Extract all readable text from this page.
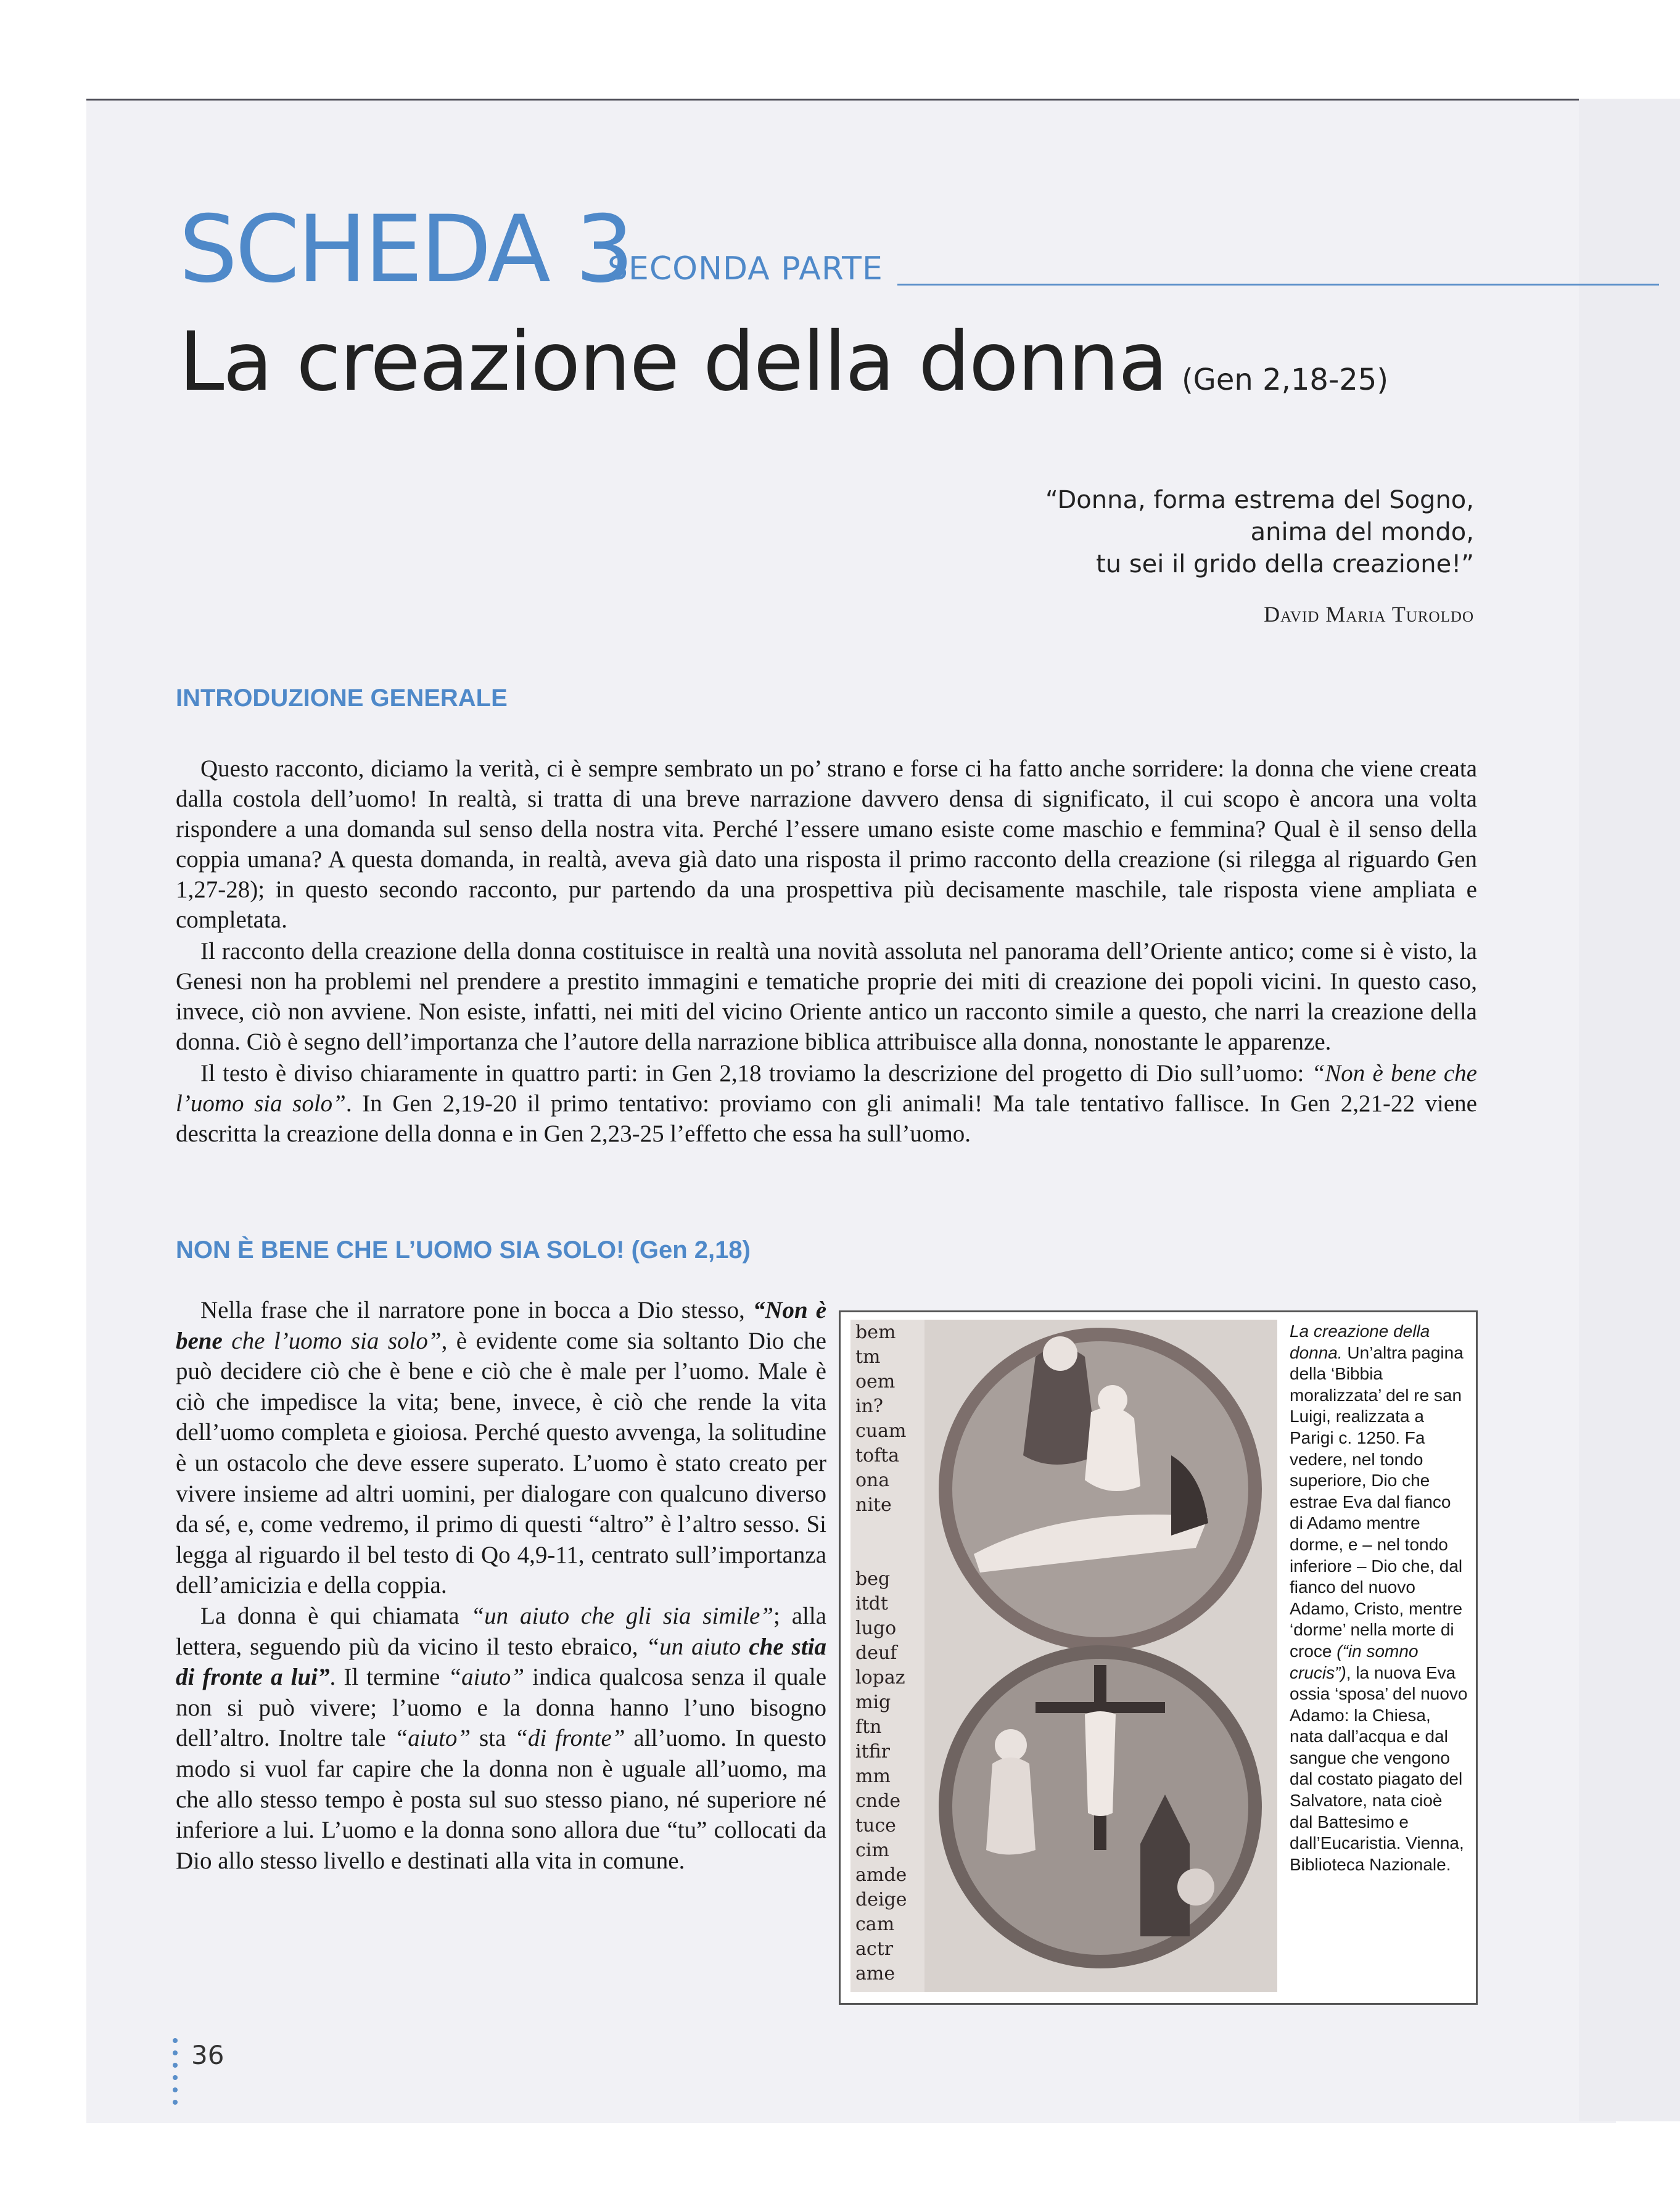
SCHEDA 3
SECONDA PARTE
La creazione della donna (Gen 2,18-25)
“Donna, forma estrema del Sogno,
anima del mondo,
tu sei il grido della creazione!”
David Maria Turoldo
INTRODUZIONE GENERALE

Questo racconto, diciamo la verità, ci è sempre sembrato un po’ strano e forse ci ha fatto anche sorridere: la donna che viene creata dalla costola dell’uomo! In realtà, si tratta di una breve narrazione davvero densa di significato, il cui scopo è ancora una volta rispondere a una domanda sul senso della nostra vita. Perché l’essere umano esiste come maschio e femmina? Qual è il senso della coppia umana? A questa domanda, in realtà, aveva già dato una risposta il primo racconto della creazione (si rilegga al riguardo Gen 1,27-28); in questo secondo racconto, pur partendo da una prospettiva più decisamente maschile, tale risposta viene ampliata e completata.

Il racconto della creazione della donna costituisce in realtà una novità assoluta nel panorama dell’Oriente antico; come si è visto, la Genesi non ha problemi nel prendere a prestito immagini e tematiche proprie dei miti di creazione dei popoli vicini. In questo caso, invece, ciò non avviene. Non esiste, infatti, nei miti del vicino Oriente antico un racconto simile a questo, che narri la creazione della donna. Ciò è segno dell’importanza che l’autore della narrazione biblica attribuisce alla donna, nonostante le apparenze.

Il testo è diviso chiaramente in quattro parti: in Gen 2,18 troviamo la descrizione del progetto di Dio sull’uomo: “Non è bene che l’uomo sia solo”. In Gen 2,19-20 il primo tentativo: proviamo con gli animali! Ma tale tentativo fallisce. In Gen 2,21-22 viene descritta la creazione della donna e in Gen 2,23-25 l’effetto che essa ha sull’uomo.

NON È BENE CHE L’UOMO SIA SOLO! (Gen 2,18)

Nella frase che il narratore pone in bocca a Dio stesso, “Non è bene che l’uomo sia solo”, è evidente come sia soltanto Dio che può decidere ciò che è bene e ciò che è male per l’uomo. Male è ciò che impedisce la vita; bene, invece, è ciò che rende la vita dell’uomo completa e gioiosa. Perché questo avvenga, la solitudine è un ostacolo che deve essere superato. L’uomo è stato creato per vivere insieme ad altri uomini, per dialogare con qualcuno diverso da sé, e, come vedremo, il primo di questi “altro” è l’altro sesso. Si legga al riguardo il bel testo di Qo 4,9-11, centrato sull’importanza dell’amicizia e della coppia.

La donna è qui chiamata “un aiuto che gli sia simile”; alla lettera, seguendo più da vicino il testo ebraico, “un aiuto che stia di fronte a lui”. Il termine “aiuto” indica qualcosa senza il quale non si può vivere; l’uomo e la donna hanno l’uno bisogno dell’altro. Inoltre tale “aiuto” sta “di fronte” all’uomo. In questo modo si vuol far capire che la donna non è uguale all’uomo, ma che allo stesso tempo è posta sul suo stesso piano, né superiore né inferiore a lui. L’uomo e la donna sono allora due “tu” collocati da Dio allo stesso livello e destinati alla vita in comune.

bem
tm
oem
in?
cuam
tofta
ona
nite
beg
itdt
lugo
deuf
lopaz
mig
ftn
itfir
mm
cnde
tuce
cim
amde
deige
cam
actr
ame
La creazione della donna. Un’altra pagina della ‘Bibbia moralizzata’ del re san Luigi, realizzata a Parigi c. 1250. Fa vedere, nel tondo superiore, Dio che estrae Eva dal fianco di Adamo mentre dorme, e – nel tondo inferiore – Dio che, dal fianco del nuovo Adamo, Cristo, mentre ‘dorme’ nella morte di croce (“in somno crucis”), la nuova Eva ossia ‘sposa’ del nuovo Adamo: la Chiesa, nata dall’acqua e dal sangue che vengono dal costato piagato del Salvatore, nata cioè dal Battesimo e dall’Eucaristia. Vienna, Biblioteca Nazionale.
36
